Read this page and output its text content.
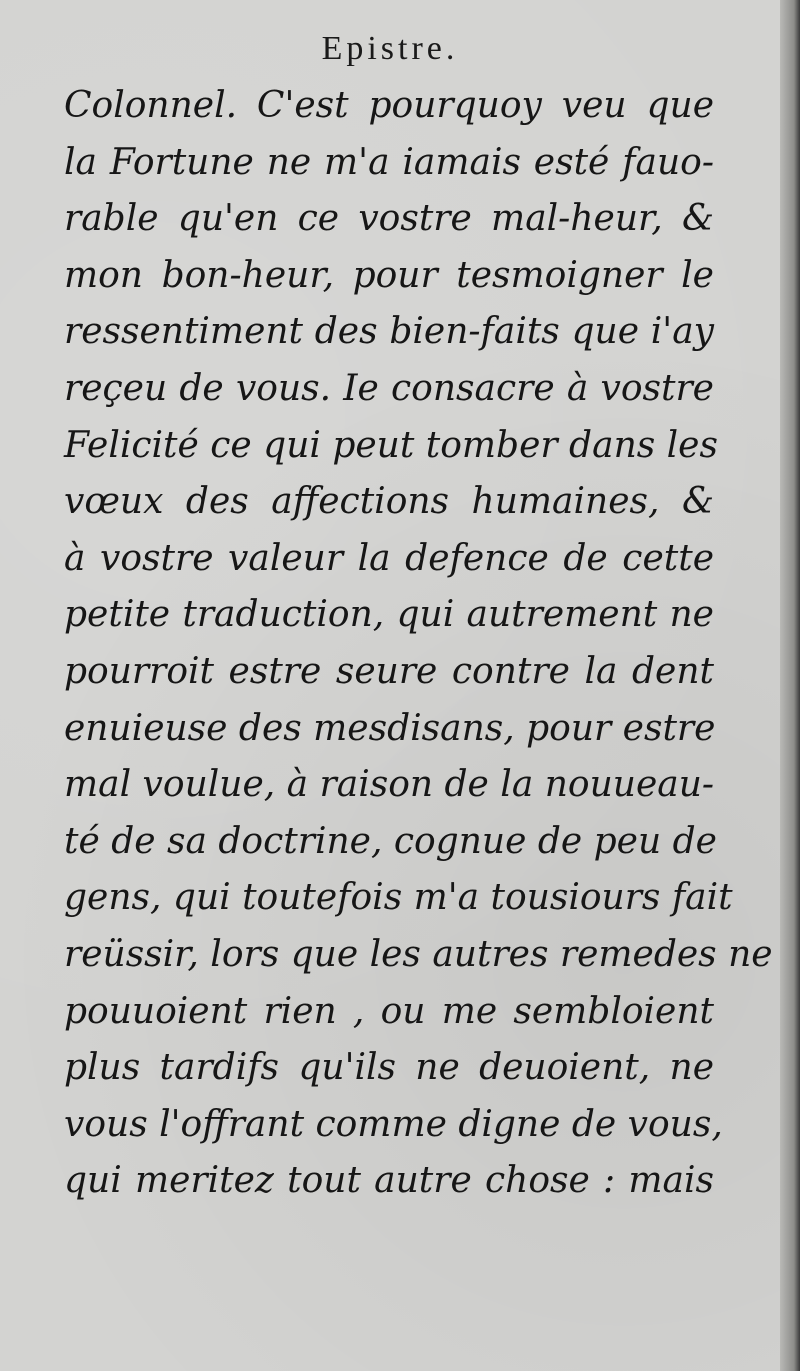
Epistre.
Colonnel. C'est pourquoy veu que
la Fortune ne m'a iamais esté fauo-
rable qu'en ce vostre mal-heur, &
mon bon-heur, pour tesmoigner le
ressentiment des bien-faits que i'ay
reçeu de vous. Ie consacre à vostre
Felicité ce qui peut tomber dans les
vœux des affections humaines, &
à vostre valeur la defence de cette
petite traduction, qui autrement ne
pourroit estre seure contre la dent
enuieuse des mesdisans, pour estre
mal voulue, à raison de la nouueau-
té de sa doctrine, cognue de peu de
gens, qui toutefois m'a tousiours fait
reüssir, lors que les autres remedes ne
pouuoient rien , ou me sembloient
plus tardifs qu'ils ne deuoient, ne
vous l'offrant comme digne de vous,
qui meritez tout autre chose : mais
